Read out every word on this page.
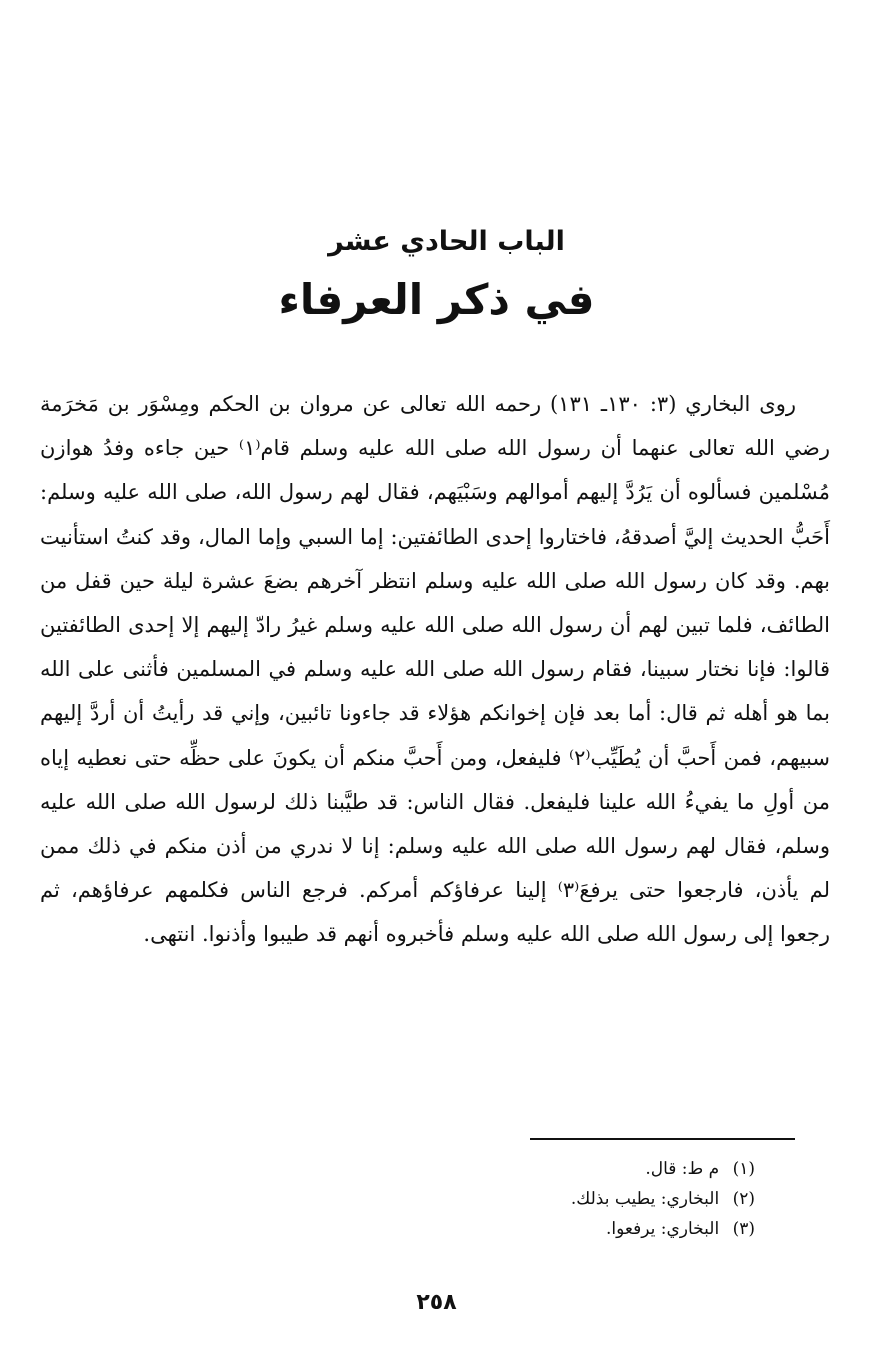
الباب الحادي عشر
في ذكر العرفاء

روى البخاري (٣: ١٣٠ـ ١٣١) رحمه الله تعالى عن مروان بن الحكم ومِسْوَر بن مَخرَمة رضي الله تعالى عنهما أن رسول الله صلى الله عليه وسلم قام⁽١⁾ حين جاءه وفدُ هوازن مُسْلمين فسألوه أن يَرُدَّ إليهم أموالهم وسَبْيَهم، فقال لهم رسول الله، صلى الله عليه وسلم: أَحَبُّ الحديث إليَّ أصدقهُ، فاختاروا إحدى الطائفتين: إما السبي وإما المال، وقد كنتُ استأنيت بهم. وقد كان رسول الله صلى الله عليه وسلم انتظر آخرهم بضعَ عشرة ليلة حين قفل من الطائف، فلما تبين لهم أن رسول الله صلى الله عليه وسلم غيرُ رادّ إليهم إلا إحدى الطائفتين قالوا: فإنا نختار سبينا، فقام رسول الله صلى الله عليه وسلم في المسلمين فأثنى على الله بما هو أهله ثم قال: أما بعد فإن إخوانكم هؤلاء قد جاءونا تائبين، وإني قد رأيتُ أن أردَّ إليهم سبيهم، فمن أَحبَّ أن يُطَيِّب⁽٢⁾ فليفعل، ومن أَحبَّ منكم أن يكونَ على حظِّه حتى نعطيه إياه من أولِ ما يفيءُ الله علينا فليفعل. فقال الناس: قد طيَّبنا ذلك لرسول الله صلى الله عليه وسلم، فقال لهم رسول الله صلى الله عليه وسلم: إنا لا ندري من أذن منكم في ذلك ممن لم يأذن، فارجعوا حتى يرفعَ⁽٣⁾ إلينا عرفاؤكم أمركم. فرجع الناس فكلمهم عرفاؤهم، ثم رجعوا إلى رسول الله صلى الله عليه وسلم فأخبروه أنهم قد طيبوا وأذنوا. انتهى.

(١) م ط: قال.
(٢) البخاري: يطيب بذلك.
(٣) البخاري: يرفعوا.
٢٥٨
